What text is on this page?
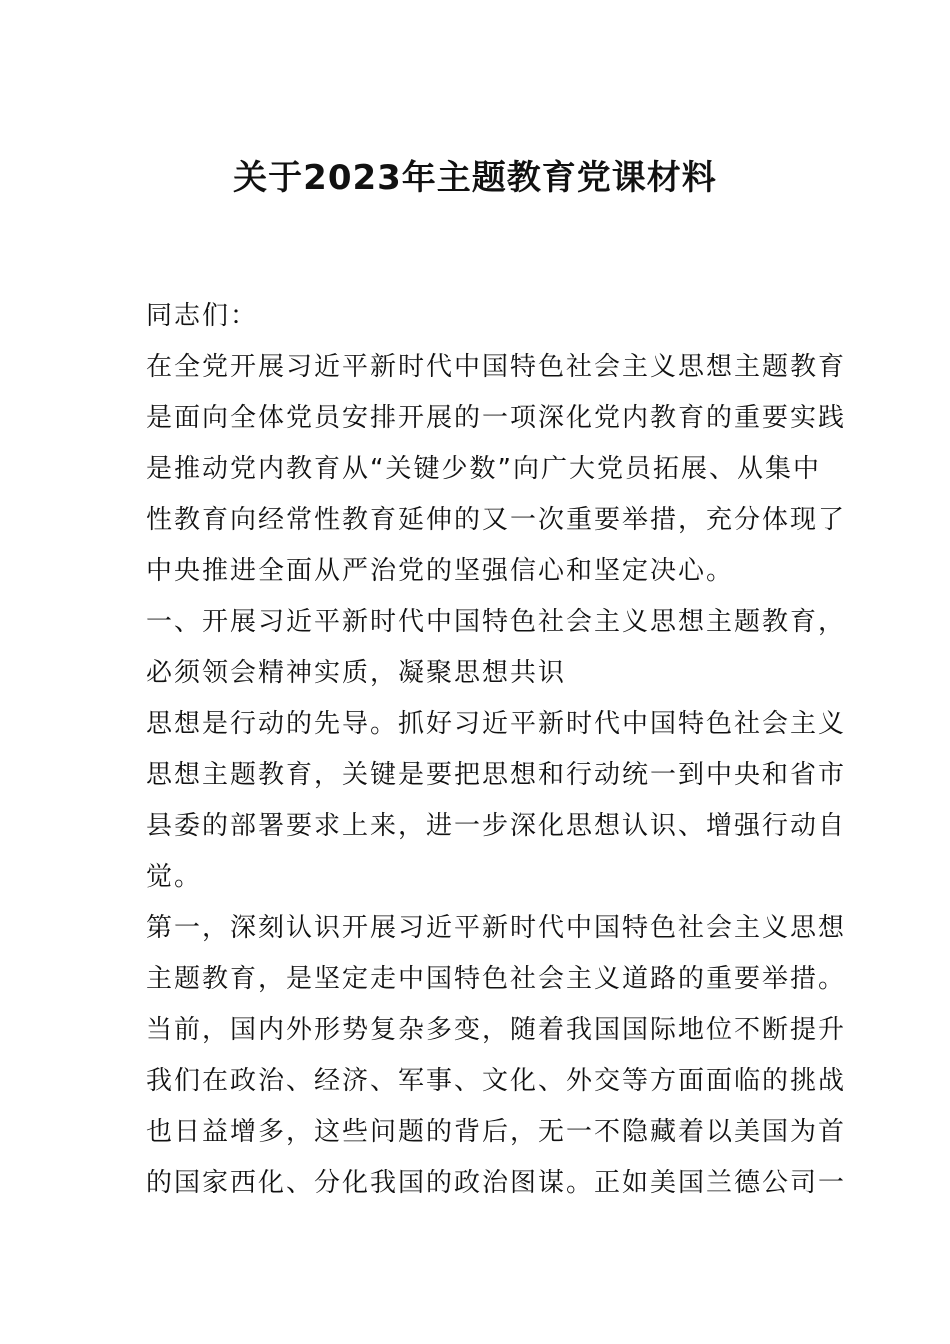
关于2023年主题教育党课材料

同志们：

在全党开展习近平新时代中国特色社会主义思想主题教育

是面向全体党员安排开展的一项深化党内教育的重要实践

是推动党内教育从“关键少数”向广大党员拓展、从集中

性教育向经常性教育延伸的又一次重要举措，充分体现了

中央推进全面从严治党的坚强信心和坚定决心。

一、开展习近平新时代中国特色社会主义思想主题教育，

必须领会精神实质，凝聚思想共识

思想是行动的先导。抓好习近平新时代中国特色社会主义

思想主题教育，关键是要把思想和行动统一到中央和省市

县委的部署要求上来，进一步深化思想认识、增强行动自

觉。

第一，深刻认识开展习近平新时代中国特色社会主义思想

主题教育，是坚定走中国特色社会主义道路的重要举措。

当前，国内外形势复杂多变，随着我国国际地位不断提升

我们在政治、经济、军事、文化、外交等方面面临的挑战

也日益增多，这些问题的背后，无一不隐藏着以美国为首

的国家西化、分化我国的政治图谋。正如美国兰德公司一
